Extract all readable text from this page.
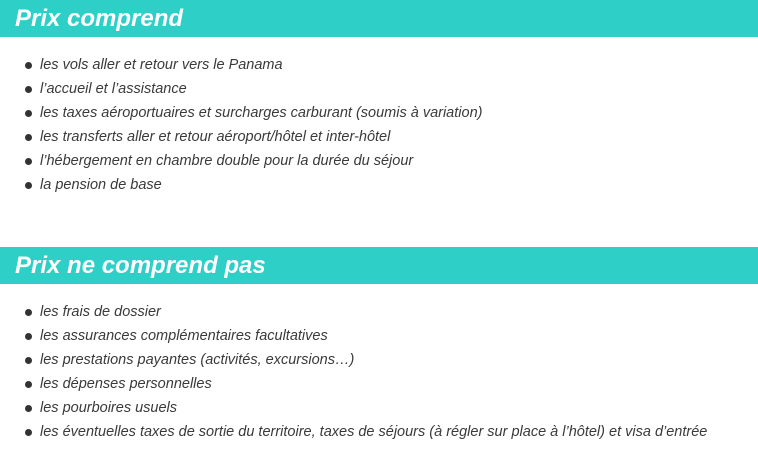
Prix comprend
les vols aller et retour vers le Panama
l’accueil et l’assistance
les taxes aéroportuaires et surcharges carburant (soumis à variation)
les transferts aller et retour aéroport/hôtel et inter-hôtel
l’hébergement en chambre double pour la durée du séjour
la pension de base
Prix ne comprend pas
les frais de dossier
les assurances complémentaires facultatives
les prestations payantes (activités, excursions…)
les dépenses personnelles
les pourboires usuels
les éventuelles taxes de sortie du territoire, taxes de séjours (à régler sur place à l’hôtel) et visa d’entrée
